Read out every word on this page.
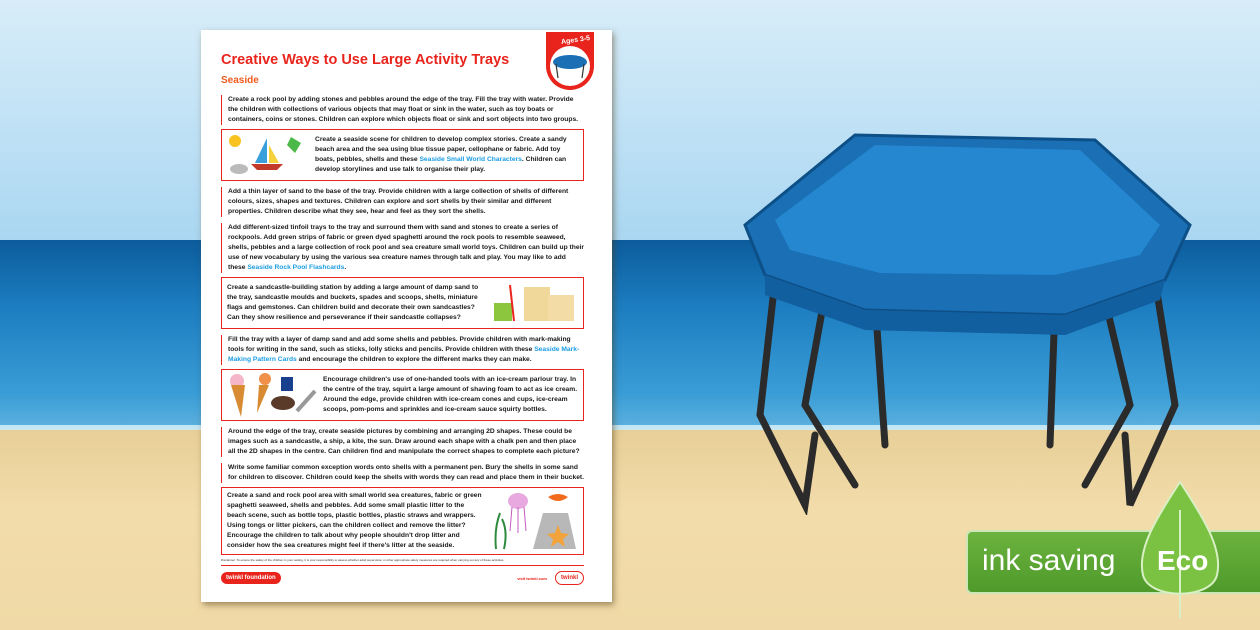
Ages 3-5
Creative Ways to Use Large Activity Trays
Seaside
Create a rock pool by adding stones and pebbles around the edge of the tray. Fill the tray with water. Provide the children with collections of various objects that may float or sink in the water, such as toy boats or containers, coins or stones. Children can explore which objects float or sink and sort objects into two groups.
Create a seaside scene for children to develop complex stories. Create a sandy beach area and the sea using blue tissue paper, cellophane or fabric. Add toy boats, pebbles, shells and these Seaside Small World Characters. Children can develop storylines and use talk to organise their play.
Add a thin layer of sand to the base of the tray. Provide children with a large collection of shells of different colours, sizes, shapes and textures. Children can explore and sort shells by their similar and different properties. Children describe what they see, hear and feel as they sort the shells.
Add different-sized tinfoil trays to the tray and surround them with sand and stones to create a series of rockpools. Add green strips of fabric or green dyed spaghetti around the rock pools to resemble seaweed, shells, pebbles and a large collection of rock pool and sea creature small world toys. Children can build up their use of new vocabulary by using the various sea creature names through talk and play. You may like to add these Seaside Rock Pool Flashcards.
Create a sandcastle-building station by adding a large amount of damp sand to the tray, sandcastle moulds and buckets, spades and scoops, shells, miniature flags and gemstones. Can children build and decorate their own sandcastles? Can they show resilience and perseverance if their sandcastle collapses?
Fill the tray with a layer of damp sand and add some shells and pebbles. Provide children with mark-making tools for writing in the sand, such as sticks, lolly sticks and pencils. Provide children with these Seaside Mark-Making Pattern Cards and encourage the children to explore the different marks they can make.
Encourage children's use of one-handed tools with an ice-cream parlour tray. In the centre of the tray, squirt a large amount of shaving foam to act as ice cream. Around the edge, provide children with ice-cream cones and cups, ice-cream scoops, pom-poms and sprinkles and ice-cream sauce squirty bottles.
Around the edge of the tray, create seaside pictures by combining and arranging 2D shapes. These could be images such as a sandcastle, a ship, a kite, the sun. Draw around each shape with a chalk pen and then place all the 2D shapes in the centre. Can children find and manipulate the correct shapes to complete each picture?
Write some familiar common exception words onto shells with a permanent pen. Bury the shells in some sand for children to discover. Children could keep the shells with words they can read and place them in their bucket.
Create a sand and rock pool area with small world sea creatures, fabric or green spaghetti seaweed, shells and pebbles. Add some small plastic litter to the beach scene, such as bottle tops, plastic bottles, plastic straws and wrappers. Using tongs or litter pickers, can the children collect and remove the litter? Encourage the children to talk about why people shouldn't drop litter and consider how the sea creatures might feel if there's litter at the seaside.
Disclaimer: To ensure the safety of the children in your setting, it is your responsibility to assess whether adult supervision or other appropriate safety measures are required when carrying out any of these activities.
twinkl foundation	visit twinkl.com	twinkl
ink saving Eco
